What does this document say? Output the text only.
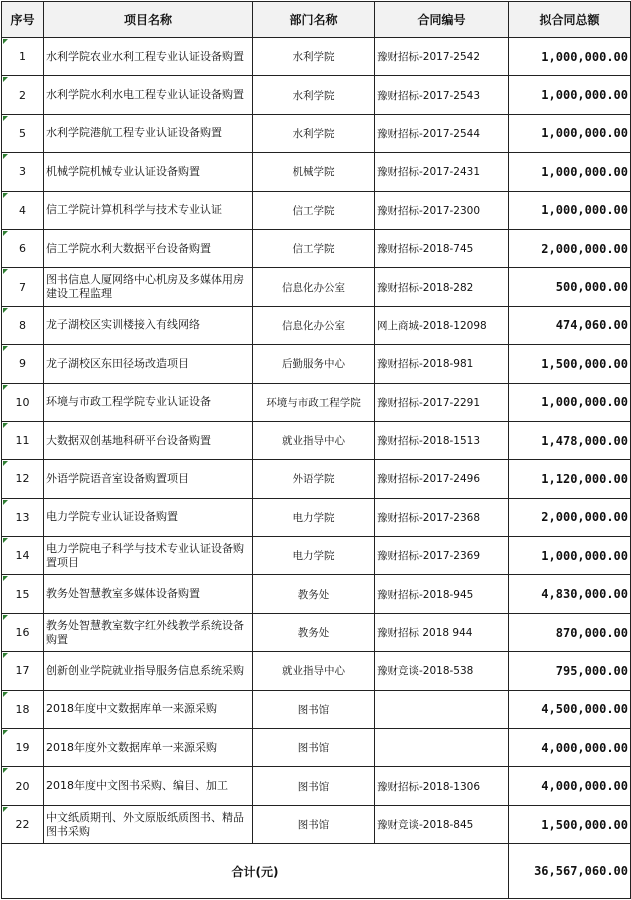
序号	项目名称	部门名称	合同编号	拟合同总额
1	水利学院农业水利工程专业认证设备购置	水利学院	豫财招标-2017-2542	1,000,000.00
2	水利学院水利水电工程专业认证设备购置	水利学院	豫财招标-2017-2543	1,000,000.00
5	水利学院港航工程专业认证设备购置	水利学院	豫财招标-2017-2544	1,000,000.00
3	机械学院机械专业认证设备购置	机械学院	豫财招标-2017-2431	1,000,000.00
4	信工学院计算机科学与技术专业认证	信工学院	豫财招标-2017-2300	1,000,000.00
6	信工学院水利大数据平台设备购置	信工学院	豫财招标-2018-745	2,000,000.00
7	图书信息人厦网络中心机房及多媒体用房建设工程监理	信息化办公室	豫财招标-2018-282	500,000.00
8	龙子湖校区实训楼接入有线网络	信息化办公室	网上商城-2018-12098	474,060.00
9	龙子湖校区东田径场改造项目	后勤服务中心	豫财招标-2018-981	1,500,000.00
10	环境与市政工程学院专业认证设备	环境与市政工程学院	豫财招标-2017-2291	1,000,000.00
11	大数据双创基地科研平台设备购置	就业指导中心	豫财招标-2018-1513	1,478,000.00
12	外语学院语音室设备购置项目	外语学院	豫财招标-2017-2496	1,120,000.00
13	电力学院专业认证设备购置	电力学院	豫财招标-2017-2368	2,000,000.00
14	电力学院电子科学与技术专业认证设备购置项目	电力学院	豫财招标-2017-2369	1,000,000.00
15	教务处智慧教室多媒体设备购置	教务处	豫财招标-2018-945	4,830,000.00
16	教务处智慧教室数字红外线教学系统设备购置	教务处	豫财招标 2018 944	870,000.00
17	创新创业学院就业指导服务信息系统采购	就业指导中心	豫财竞谈-2018-538	795,000.00
18	2018年度中文数据库单一来源采购	图书馆		4,500,000.00
19	2018年度外文数据库单一来源采购	图书馆		4,000,000.00
20	2018年度中文图书采购、编目、加工	图书馆	豫财招标-2018-1306	4,000,000.00
22	中文纸质期刊、外文原版纸质图书、精品图书采购	图书馆	豫财竞谈-2018-845	1,500,000.00
合计(元)				36,567,060.00
